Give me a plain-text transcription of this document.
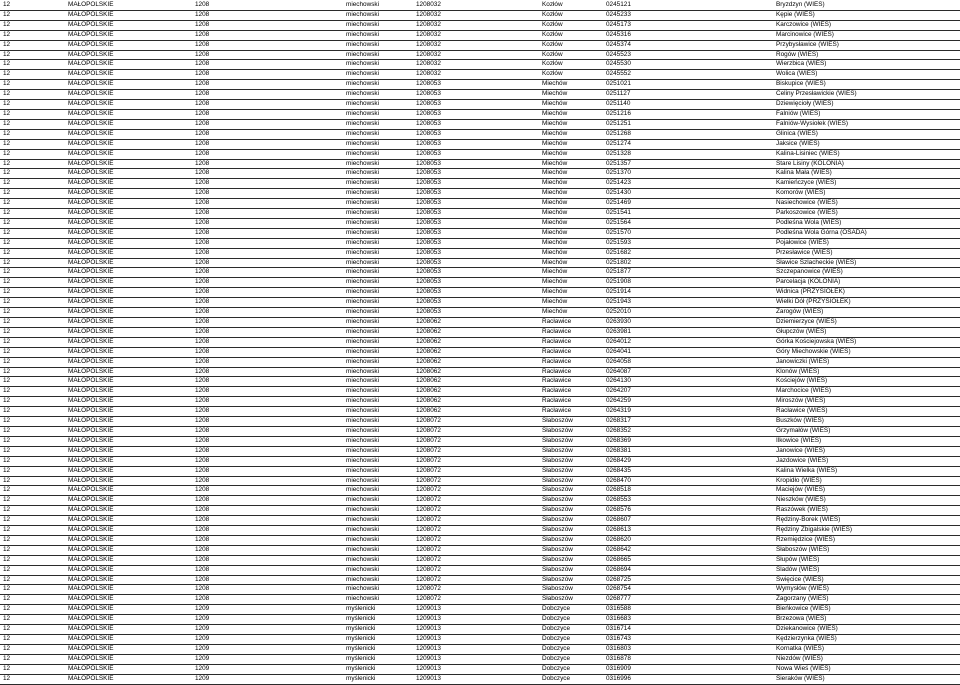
12	MAŁOPOLSKIE	1208	miechowski	1208032	Kozłów	0245121	Bryzdzyn (WIEŚ)	
12	MAŁOPOLSKIE	1208	miechowski	1208032	Kozłów	0245233	Kępie (WIEŚ)	
12	MAŁOPOLSKIE	1208	miechowski	1208032	Kozłów	0245173	Karczowice (WIEŚ)	
12	MAŁOPOLSKIE	1208	miechowski	1208032	Kozłów	0245316	Marcinowice (WIEŚ)	
12	MAŁOPOLSKIE	1208	miechowski	1208032	Kozłów	0245374	Przybysławice (WIEŚ)	
12	MAŁOPOLSKIE	1208	miechowski	1208032	Kozłów	0245523	Rogów (WIEŚ)	
12	MAŁOPOLSKIE	1208	miechowski	1208032	Kozłów	0245530	Wierzbica (WIEŚ)	
12	MAŁOPOLSKIE	1208	miechowski	1208032	Kozłów	0245552	Wolica (WIEŚ)	
12	MAŁOPOLSKIE	1208	miechowski	1208053	Miechów	0251021	Biskupice (WIEŚ)	
12	MAŁOPOLSKIE	1208	miechowski	1208053	Miechów	0251127	Celiny Przesławickie (WIEŚ)	
12	MAŁOPOLSKIE	1208	miechowski	1208053	Miechów	0251140	Dziewięcioły (WIEŚ)	
12	MAŁOPOLSKIE	1208	miechowski	1208053	Miechów	0251216	Falniów (WIEŚ)	
12	MAŁOPOLSKIE	1208	miechowski	1208053	Miechów	0251251	Falniów-Wysiołek (WIEŚ)	
12	MAŁOPOLSKIE	1208	miechowski	1208053	Miechów	0251268	Glinica (WIEŚ)	
12	MAŁOPOLSKIE	1208	miechowski	1208053	Miechów	0251274	Jaksice (WIEŚ)	
12	MAŁOPOLSKIE	1208	miechowski	1208053	Miechów	0251328	Kalina-Lisiniec (WIEŚ)	
12	MAŁOPOLSKIE	1208	miechowski	1208053	Miechów	0251357	Stare Lisiny (KOLONIA)	
12	MAŁOPOLSKIE	1208	miechowski	1208053	Miechów	0251370	Kalina Mała (WIEŚ)	
12	MAŁOPOLSKIE	1208	miechowski	1208053	Miechów	0251423	Kamieńczyce (WIEŚ)	
12	MAŁOPOLSKIE	1208	miechowski	1208053	Miechów	0251430	Komorów (WIEŚ)	
12	MAŁOPOLSKIE	1208	miechowski	1208053	Miechów	0251469	Nasiechowice (WIEŚ)	
12	MAŁOPOLSKIE	1208	miechowski	1208053	Miechów	0251541	Parkoszowice (WIEŚ)	
12	MAŁOPOLSKIE	1208	miechowski	1208053	Miechów	0251564	Podleśna Wola (WIEŚ)	
12	MAŁOPOLSKIE	1208	miechowski	1208053	Miechów	0251570	Podleśna Wola Górna (OSADA)	
12	MAŁOPOLSKIE	1208	miechowski	1208053	Miechów	0251593	Pojałowice (WIEŚ)	
12	MAŁOPOLSKIE	1208	miechowski	1208053	Miechów	0251682	Przesławice (WIEŚ)	
12	MAŁOPOLSKIE	1208	miechowski	1208053	Miechów	0251802	Sławice Szlacheckie (WIEŚ)	
12	MAŁOPOLSKIE	1208	miechowski	1208053	Miechów	0251877	Szczepanowice (WIEŚ)	
12	MAŁOPOLSKIE	1208	miechowski	1208053	Miechów	0251908	Parcelacja (KOLONIA)	
12	MAŁOPOLSKIE	1208	miechowski	1208053	Miechów	0251914	Widnica (PRZYSIÓŁEK)	
12	MAŁOPOLSKIE	1208	miechowski	1208053	Miechów	0251943	Wielki Dół (PRZYSIÓŁEK)	
12	MAŁOPOLSKIE	1208	miechowski	1208053	Miechów	0252010	Zarogów (WIEŚ)	
12	MAŁOPOLSKIE	1208	miechowski	1208062	Racławice	0263930	Dziemierzyce (WIEŚ)	
12	MAŁOPOLSKIE	1208	miechowski	1208062	Racławice	0263981	Głupczów (WIEŚ)	
12	MAŁOPOLSKIE	1208	miechowski	1208062	Racławice	0264012	Górka Kościejowska (WIEŚ)	
12	MAŁOPOLSKIE	1208	miechowski	1208062	Racławice	0264041	Góry Miechowskie (WIEŚ)	
12	MAŁOPOLSKIE	1208	miechowski	1208062	Racławice	0264058	Janowiczki (WIEŚ)	
12	MAŁOPOLSKIE	1208	miechowski	1208062	Racławice	0264087	Klonów (WIEŚ)	
12	MAŁOPOLSKIE	1208	miechowski	1208062	Racławice	0264130	Kościejów (WIEŚ)	
12	MAŁOPOLSKIE	1208	miechowski	1208062	Racławice	0264207	Marchocice (WIEŚ)	
12	MAŁOPOLSKIE	1208	miechowski	1208062	Racławice	0264259	Miroszów (WIEŚ)	
12	MAŁOPOLSKIE	1208	miechowski	1208062	Racławice	0264319	Racławice (WIEŚ)	
12	MAŁOPOLSKIE	1208	miechowski	1208072	Słaboszów	0268317	Buszków (WIEŚ)	
12	MAŁOPOLSKIE	1208	miechowski	1208072	Słaboszów	0268352	Grzymałów (WIEŚ)	
12	MAŁOPOLSKIE	1208	miechowski	1208072	Słaboszów	0268369	Ilkowice (WIEŚ)	
12	MAŁOPOLSKIE	1208	miechowski	1208072	Słaboszów	0268381	Janowice (WIEŚ)	
12	MAŁOPOLSKIE	1208	miechowski	1208072	Słaboszów	0268429	Jazdowice (WIEŚ)	
12	MAŁOPOLSKIE	1208	miechowski	1208072	Słaboszów	0268435	Kalina Wielka (WIEŚ)	
12	MAŁOPOLSKIE	1208	miechowski	1208072	Słaboszów	0268470	Kropidło (WIEŚ)	
12	MAŁOPOLSKIE	1208	miechowski	1208072	Słaboszów	0268518	Maciejów (WIEŚ)	
12	MAŁOPOLSKIE	1208	miechowski	1208072	Słaboszów	0268553	Nieszków (WIEŚ)	
12	MAŁOPOLSKIE	1208	miechowski	1208072	Słaboszów	0268576	Raszówek (WIEŚ)	
12	MAŁOPOLSKIE	1208	miechowski	1208072	Słaboszów	0268607	Rędziny-Borek (WIEŚ)	
12	MAŁOPOLSKIE	1208	miechowski	1208072	Słaboszów	0268613	Rędziny Zbigalskie (WIEŚ)	
12	MAŁOPOLSKIE	1208	miechowski	1208072	Słaboszów	0268620	Rzemiędzice (WIEŚ)	
12	MAŁOPOLSKIE	1208	miechowski	1208072	Słaboszów	0268642	Słaboszów (WIEŚ)	
12	MAŁOPOLSKIE	1208	miechowski	1208072	Słaboszów	0268665	Słupów (WIEŚ)	
12	MAŁOPOLSKIE	1208	miechowski	1208072	Słaboszów	0268694	Śladów (WIEŚ)	
12	MAŁOPOLSKIE	1208	miechowski	1208072	Słaboszów	0268725	Święcice (WIEŚ)	
12	MAŁOPOLSKIE	1208	miechowski	1208072	Słaboszów	0268754	Wymysłów (WIEŚ)	
12	MAŁOPOLSKIE	1208	miechowski	1208072	Słaboszów	0268777	Zagorzany (WIEŚ)	
12	MAŁOPOLSKIE	1209	myślenicki	1209013	Dobczyce	0316588	Bieńkowice (WIEŚ)	
12	MAŁOPOLSKIE	1209	myślenicki	1209013	Dobczyce	0316683	Brzezowa (WIEŚ)	
12	MAŁOPOLSKIE	1209	myślenicki	1209013	Dobczyce	0316714	Dziekanowice (WIEŚ)	
12	MAŁOPOLSKIE	1209	myślenicki	1209013	Dobczyce	0316743	Kędzierzynka (WIEŚ)	
12	MAŁOPOLSKIE	1209	myślenicki	1209013	Dobczyce	0316803	Kornatka (WIEŚ)	
12	MAŁOPOLSKIE	1209	myślenicki	1209013	Dobczyce	0316878	Niezdów (WIEŚ)	
12	MAŁOPOLSKIE	1209	myślenicki	1209013	Dobczyce	0316909	Nowa Wieś (WIEŚ)	
12	MAŁOPOLSKIE	1209	myślenicki	1209013	Dobczyce	0316996	Sieraków (WIEŚ)	
